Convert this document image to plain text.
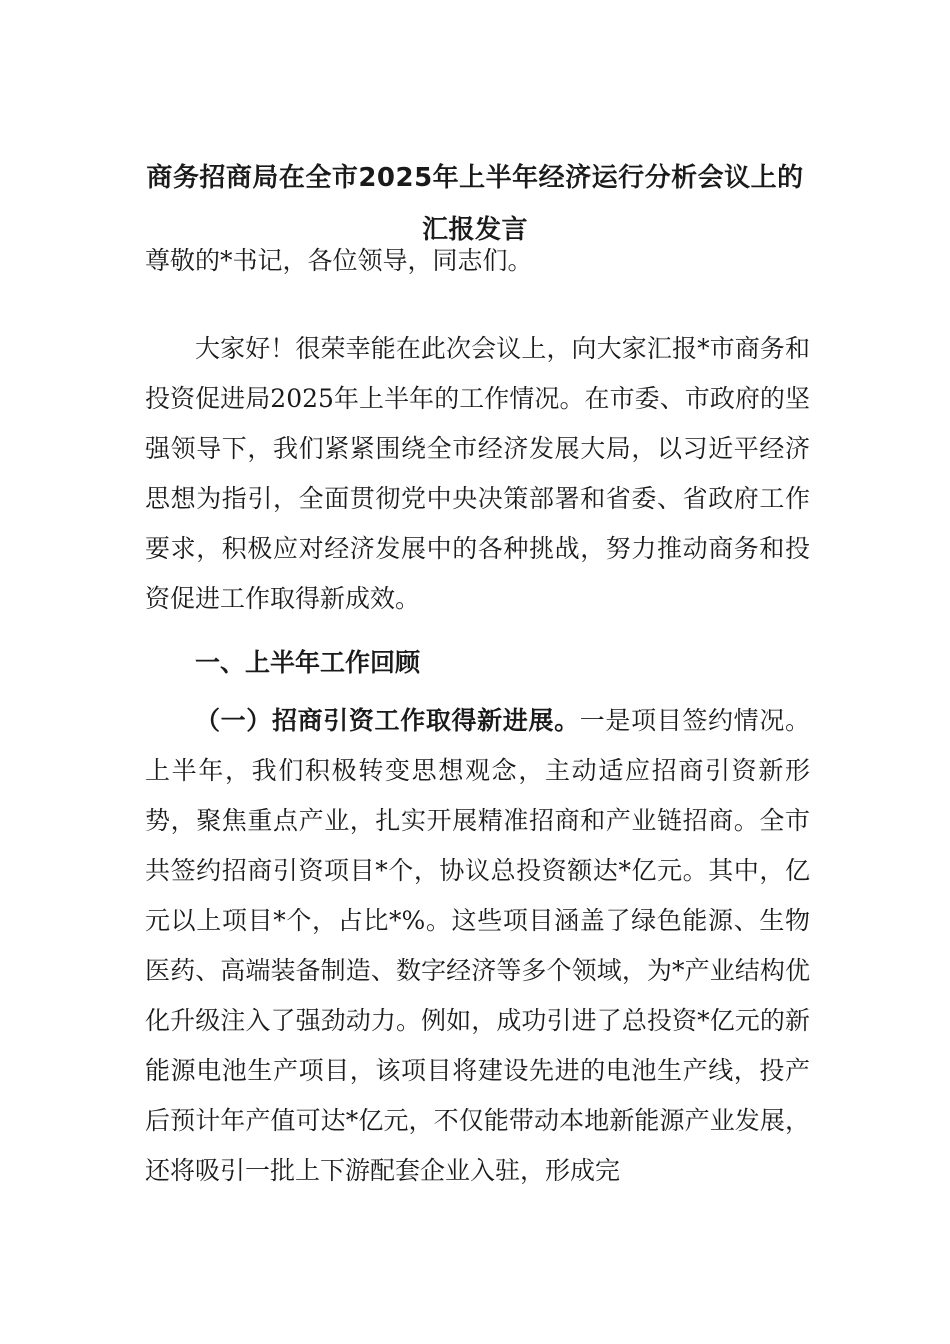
商务招商局在全市2025年上半年经济运行分析会议上的汇报发言

尊敬的*书记，各位领导，同志们。

大家好！很荣幸能在此次会议上，向大家汇报*市商务和投资促进局2025年上半年的工作情况。在市委、市政府的坚强领导下，我们紧紧围绕全市经济发展大局，以习近平经济思想为指引，全面贯彻党中央决策部署和省委、省政府工作要求，积极应对经济发展中的各种挑战，努力推动商务和投资促进工作取得新成效。

一、上半年工作回顾

（一）招商引资工作取得新进展。一是项目签约情况。上半年，我们积极转变思想观念，主动适应招商引资新形势，聚焦重点产业，扎实开展精准招商和产业链招商。全市共签约招商引资项目*个，协议总投资额达*亿元。其中，亿元以上项目*个，占比*%。这些项目涵盖了绿色能源、生物医药、高端装备制造、数字经济等多个领域，为*产业结构优化升级注入了强劲动力。例如，成功引进了总投资*亿元的新能源电池生产项目，该项目将建设先进的电池生产线，投产后预计年产值可达*亿元，不仅能带动本地新能源产业发展，还将吸引一批上下游配套企业入驻，形成完
